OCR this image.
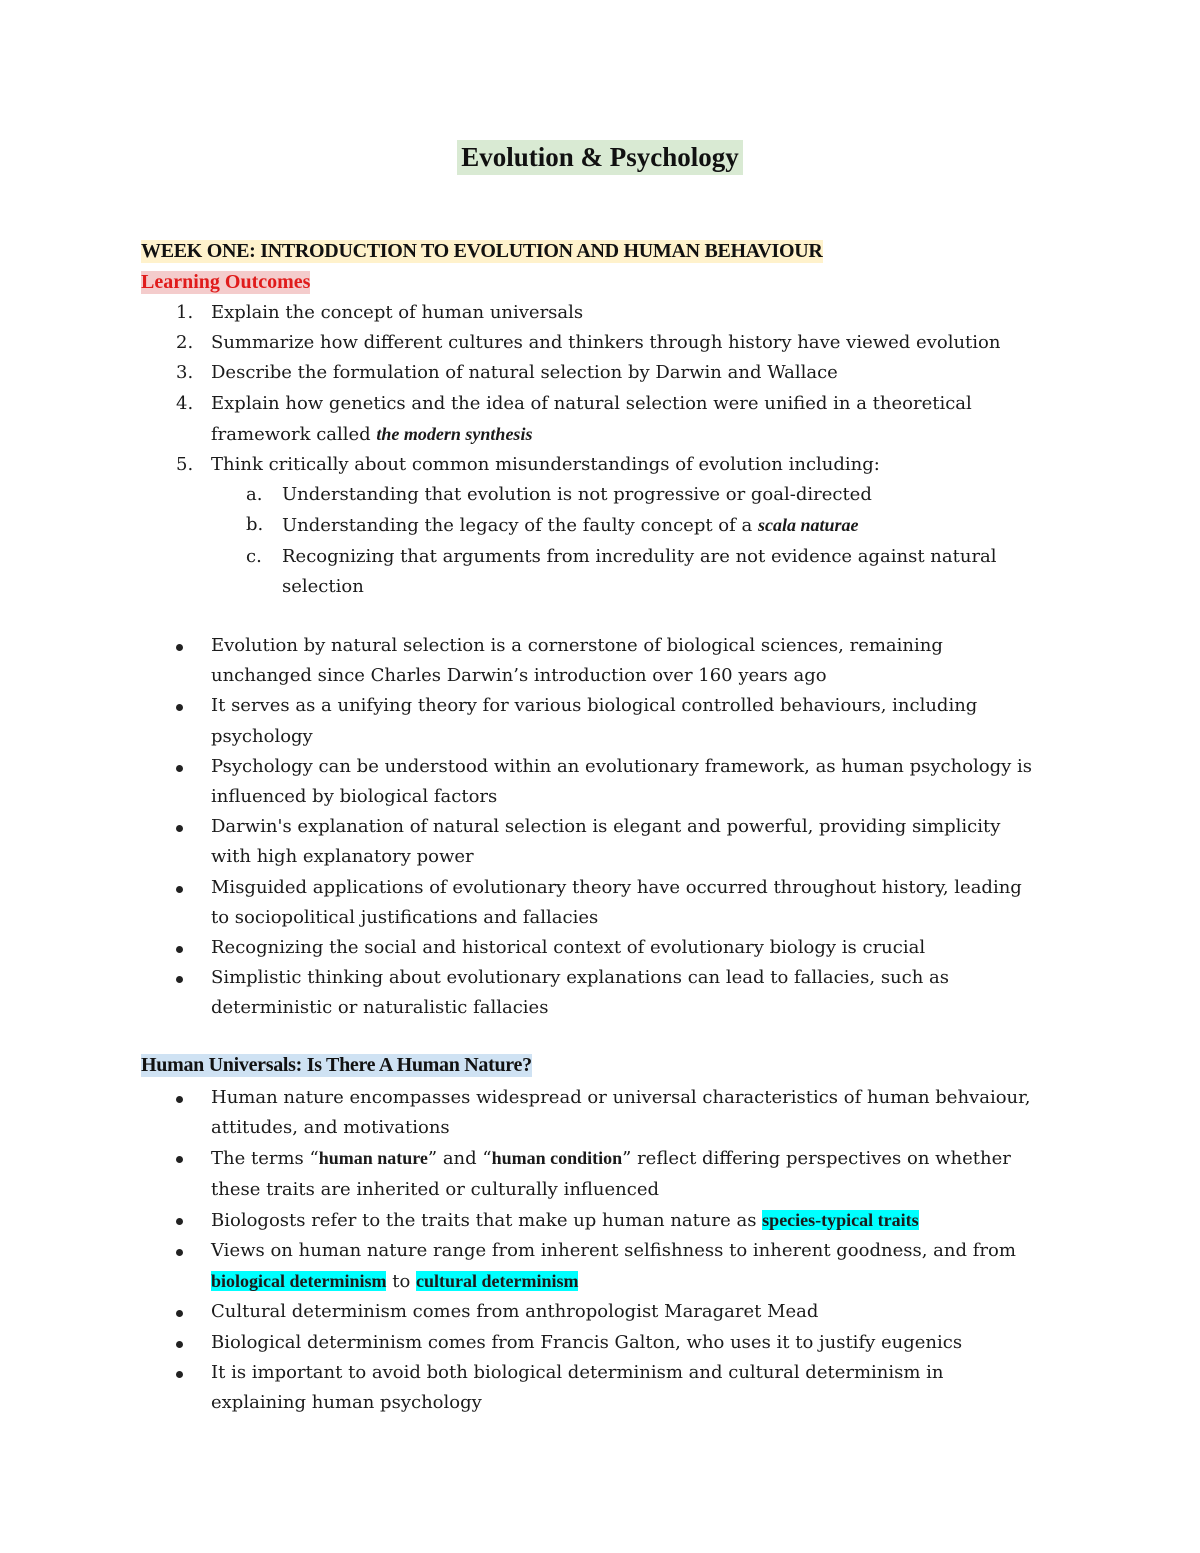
Evolution & Psychology
WEEK ONE: INTRODUCTION TO EVOLUTION AND HUMAN BEHAVIOUR
Learning Outcomes
1. Explain the concept of human universals
2. Summarize how different cultures and thinkers through history have viewed evolution
3. Describe the formulation of natural selection by Darwin and Wallace
4. Explain how genetics and the idea of natural selection were unified in a theoretical framework called the modern synthesis
5. Think critically about common misunderstandings of evolution including:
a. Understanding that evolution is not progressive or goal-directed
b. Understanding the legacy of the faulty concept of a scala naturae
c. Recognizing that arguments from incredulity are not evidence against natural selection
Evolution by natural selection is a cornerstone of biological sciences, remaining unchanged since Charles Darwin’s introduction over 160 years ago
It serves as a unifying theory for various biological controlled behaviours, including psychology
Psychology can be understood within an evolutionary framework, as human psychology is influenced by biological factors
Darwin's explanation of natural selection is elegant and powerful, providing simplicity with high explanatory power
Misguided applications of evolutionary theory have occurred throughout history, leading to sociopolitical justifications and fallacies
Recognizing the social and historical context of evolutionary biology is crucial
Simplistic thinking about evolutionary explanations can lead to fallacies, such as deterministic or naturalistic fallacies
Human Universals: Is There A Human Nature?
Human nature encompasses widespread or universal characteristics of human behvaiour, attitudes, and motivations
The terms “human nature” and “human condition” reflect differing perspectives on whether these traits are inherited or culturally influenced
Biologosts refer to the traits that make up human nature as species-typical traits
Views on human nature range from inherent selfishness to inherent goodness, and from biological determinism to cultural determinism
Cultural determinism comes from anthropologist Maragaret Mead
Biological determinism comes from Francis Galton, who uses it to justify eugenics
It is important to avoid both biological determinism and cultural determinism in explaining human psychology
